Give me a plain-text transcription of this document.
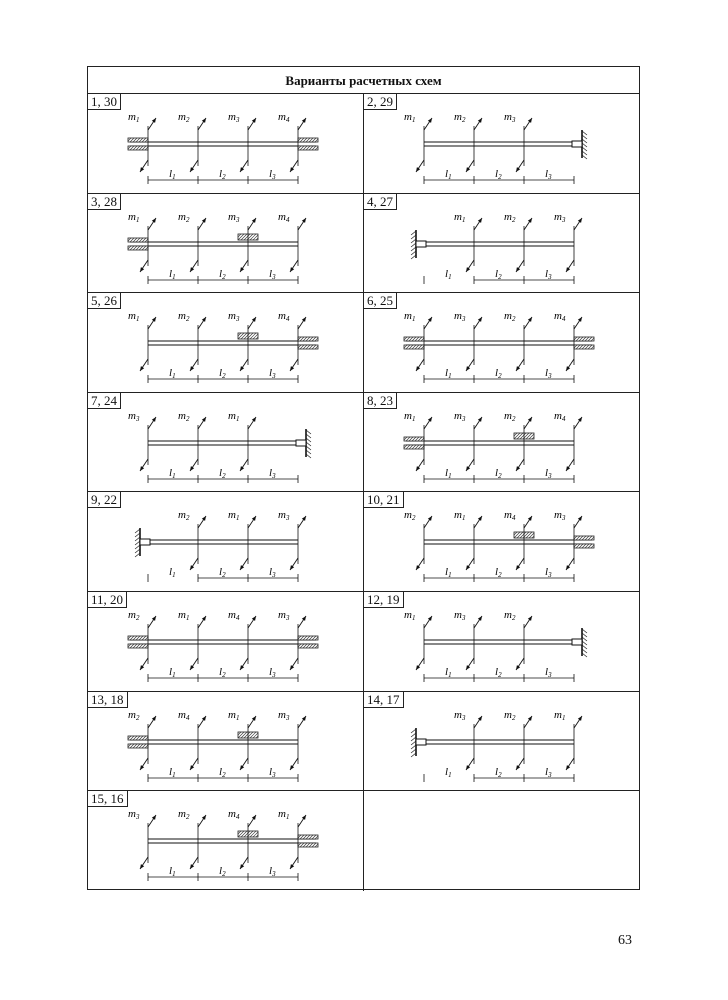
Варианты расчетных схем
1, 30
m1	m2	m3	m4
l1	l2	l3
2, 29
m1	m2	m3
l1	l2	l3
3, 28
m1	m2	m3	m4
l1	l2	l3
4, 27
m1	m2	m3
l1	l2	l3
5, 26
m1	m2	m3	m4
l1	l2	l3
6, 25
m1	m3	m2	m4
l1	l2	l3
7, 24
m3	m2	m1
l1	l2	l3
8, 23
m1	m3	m2	m4
l1	l2	l3
9, 22
m2	m1	m3
l1	l2	l3
10, 21
m2	m1	m4	m3
l1	l2	l3
11, 20
m2	m1	m4	m3
l1	l2	l3
12, 19
m1	m3	m2
l1	l2	l3
13, 18
m2	m4	m1	m3
l1	l2	l3
14, 17
m3	m2	m1
l1	l2	l3
15, 16
m3	m2	m4	m1
l1	l2	l3
63
